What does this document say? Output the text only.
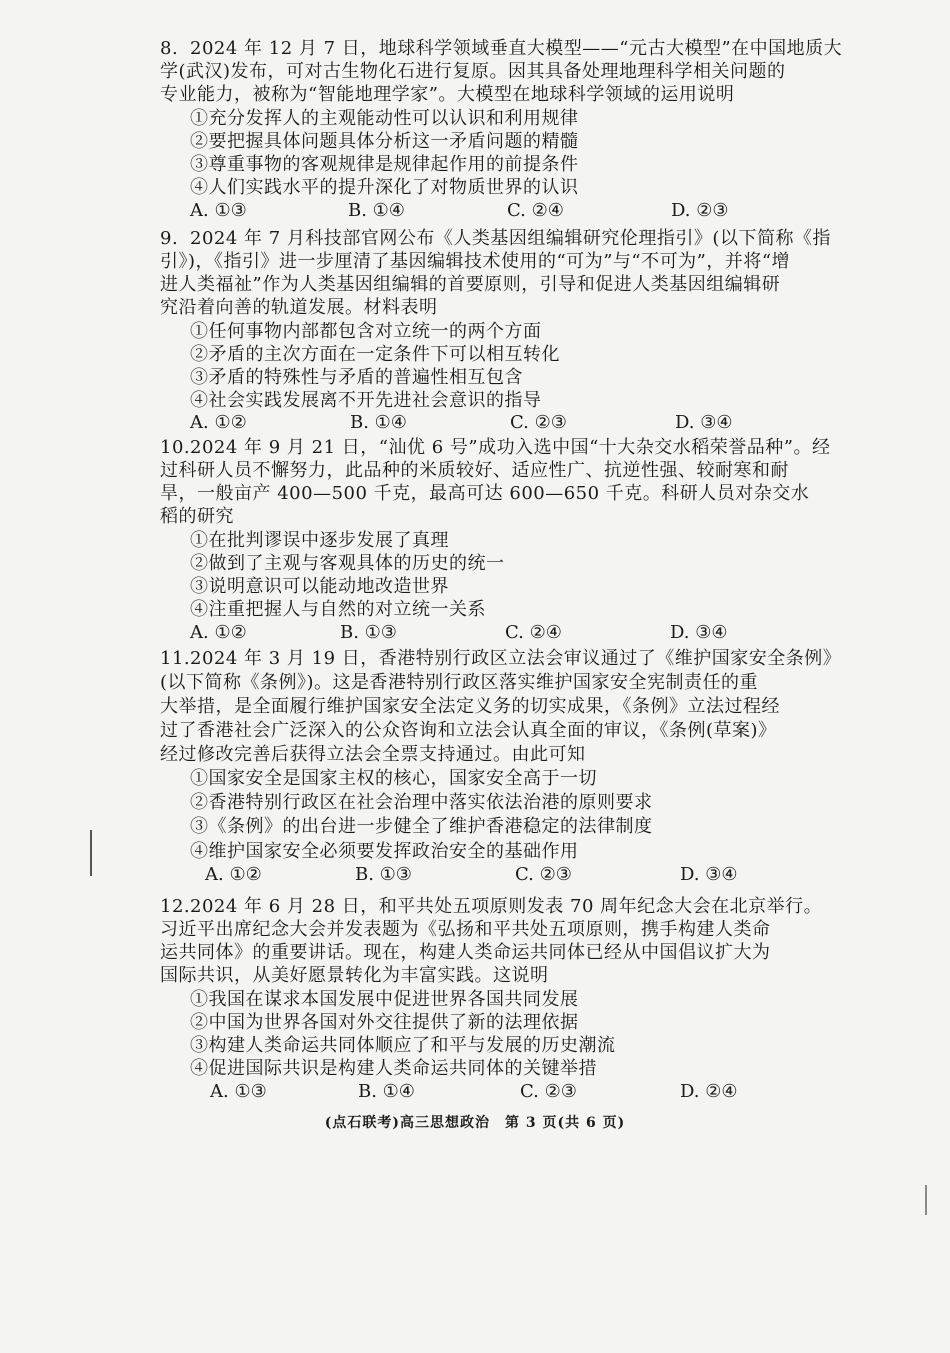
8. 2024 年 12 月 7 日，地球科学领域垂直大模型——“元古大模型”在中国地质大
学(武汉)发布，可对古生物化石进行复原。因其具备处理地理科学相关问题的
专业能力，被称为“智能地理学家”。大模型在地球科学领域的运用说明
①充分发挥人的主观能动性可以认识和利用规律
②要把握具体问题具体分析这一矛盾问题的精髓
③尊重事物的客观规律是规律起作用的前提条件
④人们实践水平的提升深化了对物质世界的认识
A. ①③	B. ①④	C. ②④	D. ②③
9. 2024 年 7 月科技部官网公布《人类基因组编辑研究伦理指引》(以下简称《指
引》)，《指引》进一步厘清了基因编辑技术使用的“可为”与“不可为”，并将“增
进人类福祉”作为人类基因组编辑的首要原则，引导和促进人类基因组编辑研
究沿着向善的轨道发展。材料表明
①任何事物内部都包含对立统一的两个方面
②矛盾的主次方面在一定条件下可以相互转化
③矛盾的特殊性与矛盾的普遍性相互包含
④社会实践发展离不开先进社会意识的指导
A. ①②	B. ①④	C. ②③	D. ③④
10. 2024 年 9 月 21 日，“汕优 6 号”成功入选中国“十大杂交水稻荣誉品种”。经
过科研人员不懈努力，此品种的米质较好、适应性广、抗逆性强、较耐寒和耐
旱，一般亩产 400—500 千克，最高可达 600—650 千克。科研人员对杂交水
稻的研究
①在批判谬误中逐步发展了真理
②做到了主观与客观具体的历史的统一
③说明意识可以能动地改造世界
④注重把握人与自然的对立统一关系
A. ①②	B. ①③	C. ②④	D. ③④
11. 2024 年 3 月 19 日，香港特别行政区立法会审议通过了《维护国家安全条例》
(以下简称《条例》)。这是香港特别行政区落实维护国家安全宪制责任的重
大举措，是全面履行维护国家安全法定义务的切实成果，《条例》立法过程经
过了香港社会广泛深入的公众咨询和立法会认真全面的审议，《条例(草案)》
经过修改完善后获得立法会全票支持通过。由此可知
①国家安全是国家主权的核心，国家安全高于一切
②香港特别行政区在社会治理中落实依法治港的原则要求
③《条例》的出台进一步健全了维护香港稳定的法律制度
④维护国家安全必须要发挥政治安全的基础作用
A. ①②	B. ①③	C. ②③	D. ③④
12. 2024 年 6 月 28 日，和平共处五项原则发表 70 周年纪念大会在北京举行。
习近平出席纪念大会并发表题为《弘扬和平共处五项原则，携手构建人类命
运共同体》的重要讲话。现在，构建人类命运共同体已经从中国倡议扩大为
国际共识，从美好愿景转化为丰富实践。这说明
①我国在谋求本国发展中促进世界各国共同发展
②中国为世界各国对外交往提供了新的法理依据
③构建人类命运共同体顺应了和平与发展的历史潮流
④促进国际共识是构建人类命运共同体的关键举措
A. ①③	B. ①④	C. ②③	D. ②④
(点石联考)高三思想政治　第 3 页(共 6 页)
